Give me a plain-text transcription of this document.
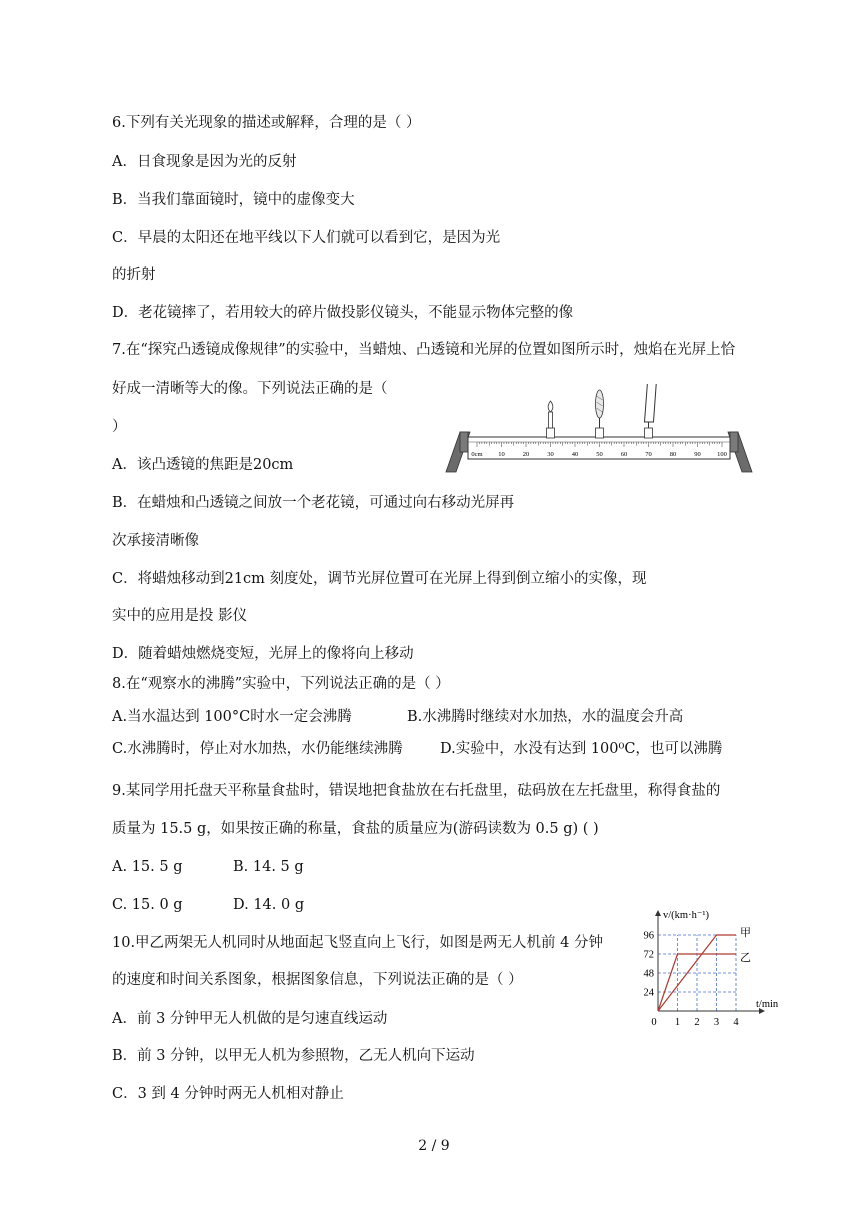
6.下列有关光现象的描述或解释，合理的是（ ）
A．日食现象是因为光的反射
B．当我们靠面镜时，镜中的虚像变大
C．早晨的太阳还在地平线以下人们就可以看到它，是因为光
的折射
D．老花镜摔了，若用较大的碎片做投影仪镜头，不能显示物体完整的像
7.在“探究凸透镜成像规律”的实验中，当蜡烛、凸透镜和光屏的位置如图所示时，烛焰在光屏上恰
好成一清晰等大的像。下列说法正确的是（
）
A．该凸透镜的焦距是20cm
B．在蜡烛和凸透镜之间放一个老花镜，可通过向右移动光屏再
次承接清晰像
C．将蜡烛移动到21cm 刻度处，调节光屏位置可在光屏上得到倒立缩小的实像，现
实中的应用是投 影仪
D．随着蜡烛燃烧变短，光屏上的像将向上移动
0cm 10	20	30	40	50	60	70	80	90	100
8.在“观察水的沸腾”实验中，下列说法正确的是（ ）
A.当水温达到 100°C时水一定会沸腾	B.水沸腾时继续对水加热，水的温度会升高
C.水沸腾时，停止对水加热，水仍能继续沸腾	D.实验中，水没有达到 100⁰C，也可以沸腾
9.某同学用托盘天平称量食盐时，错误地把食盐放在右托盘里，砝码放在左托盘里，称得食盐的
质量为 15.5 g，如果按正确的称量，食盐的质量应为(游码读数为 0.5 g) ( )
A. 15. 5 g	B. 14. 5 g
C. 15. 0 g	D. 14. 0 g
10.甲乙两架无人机同时从地面起飞竖直向上飞行，如图是两无人机前 4 分钟
的速度和时间关系图象，根据图象信息，下列说法正确的是（ ）
A．前 3 分钟甲无人机做的是匀速直线运动
B．前 3 分钟，以甲无人机为参照物，乙无人机向下运动
C．3 到 4 分钟时两无人机相对静止
v/(km·h⁻¹)
t/min
24
48
72
96
0 1 2 3 4
甲
乙
2 / 9
